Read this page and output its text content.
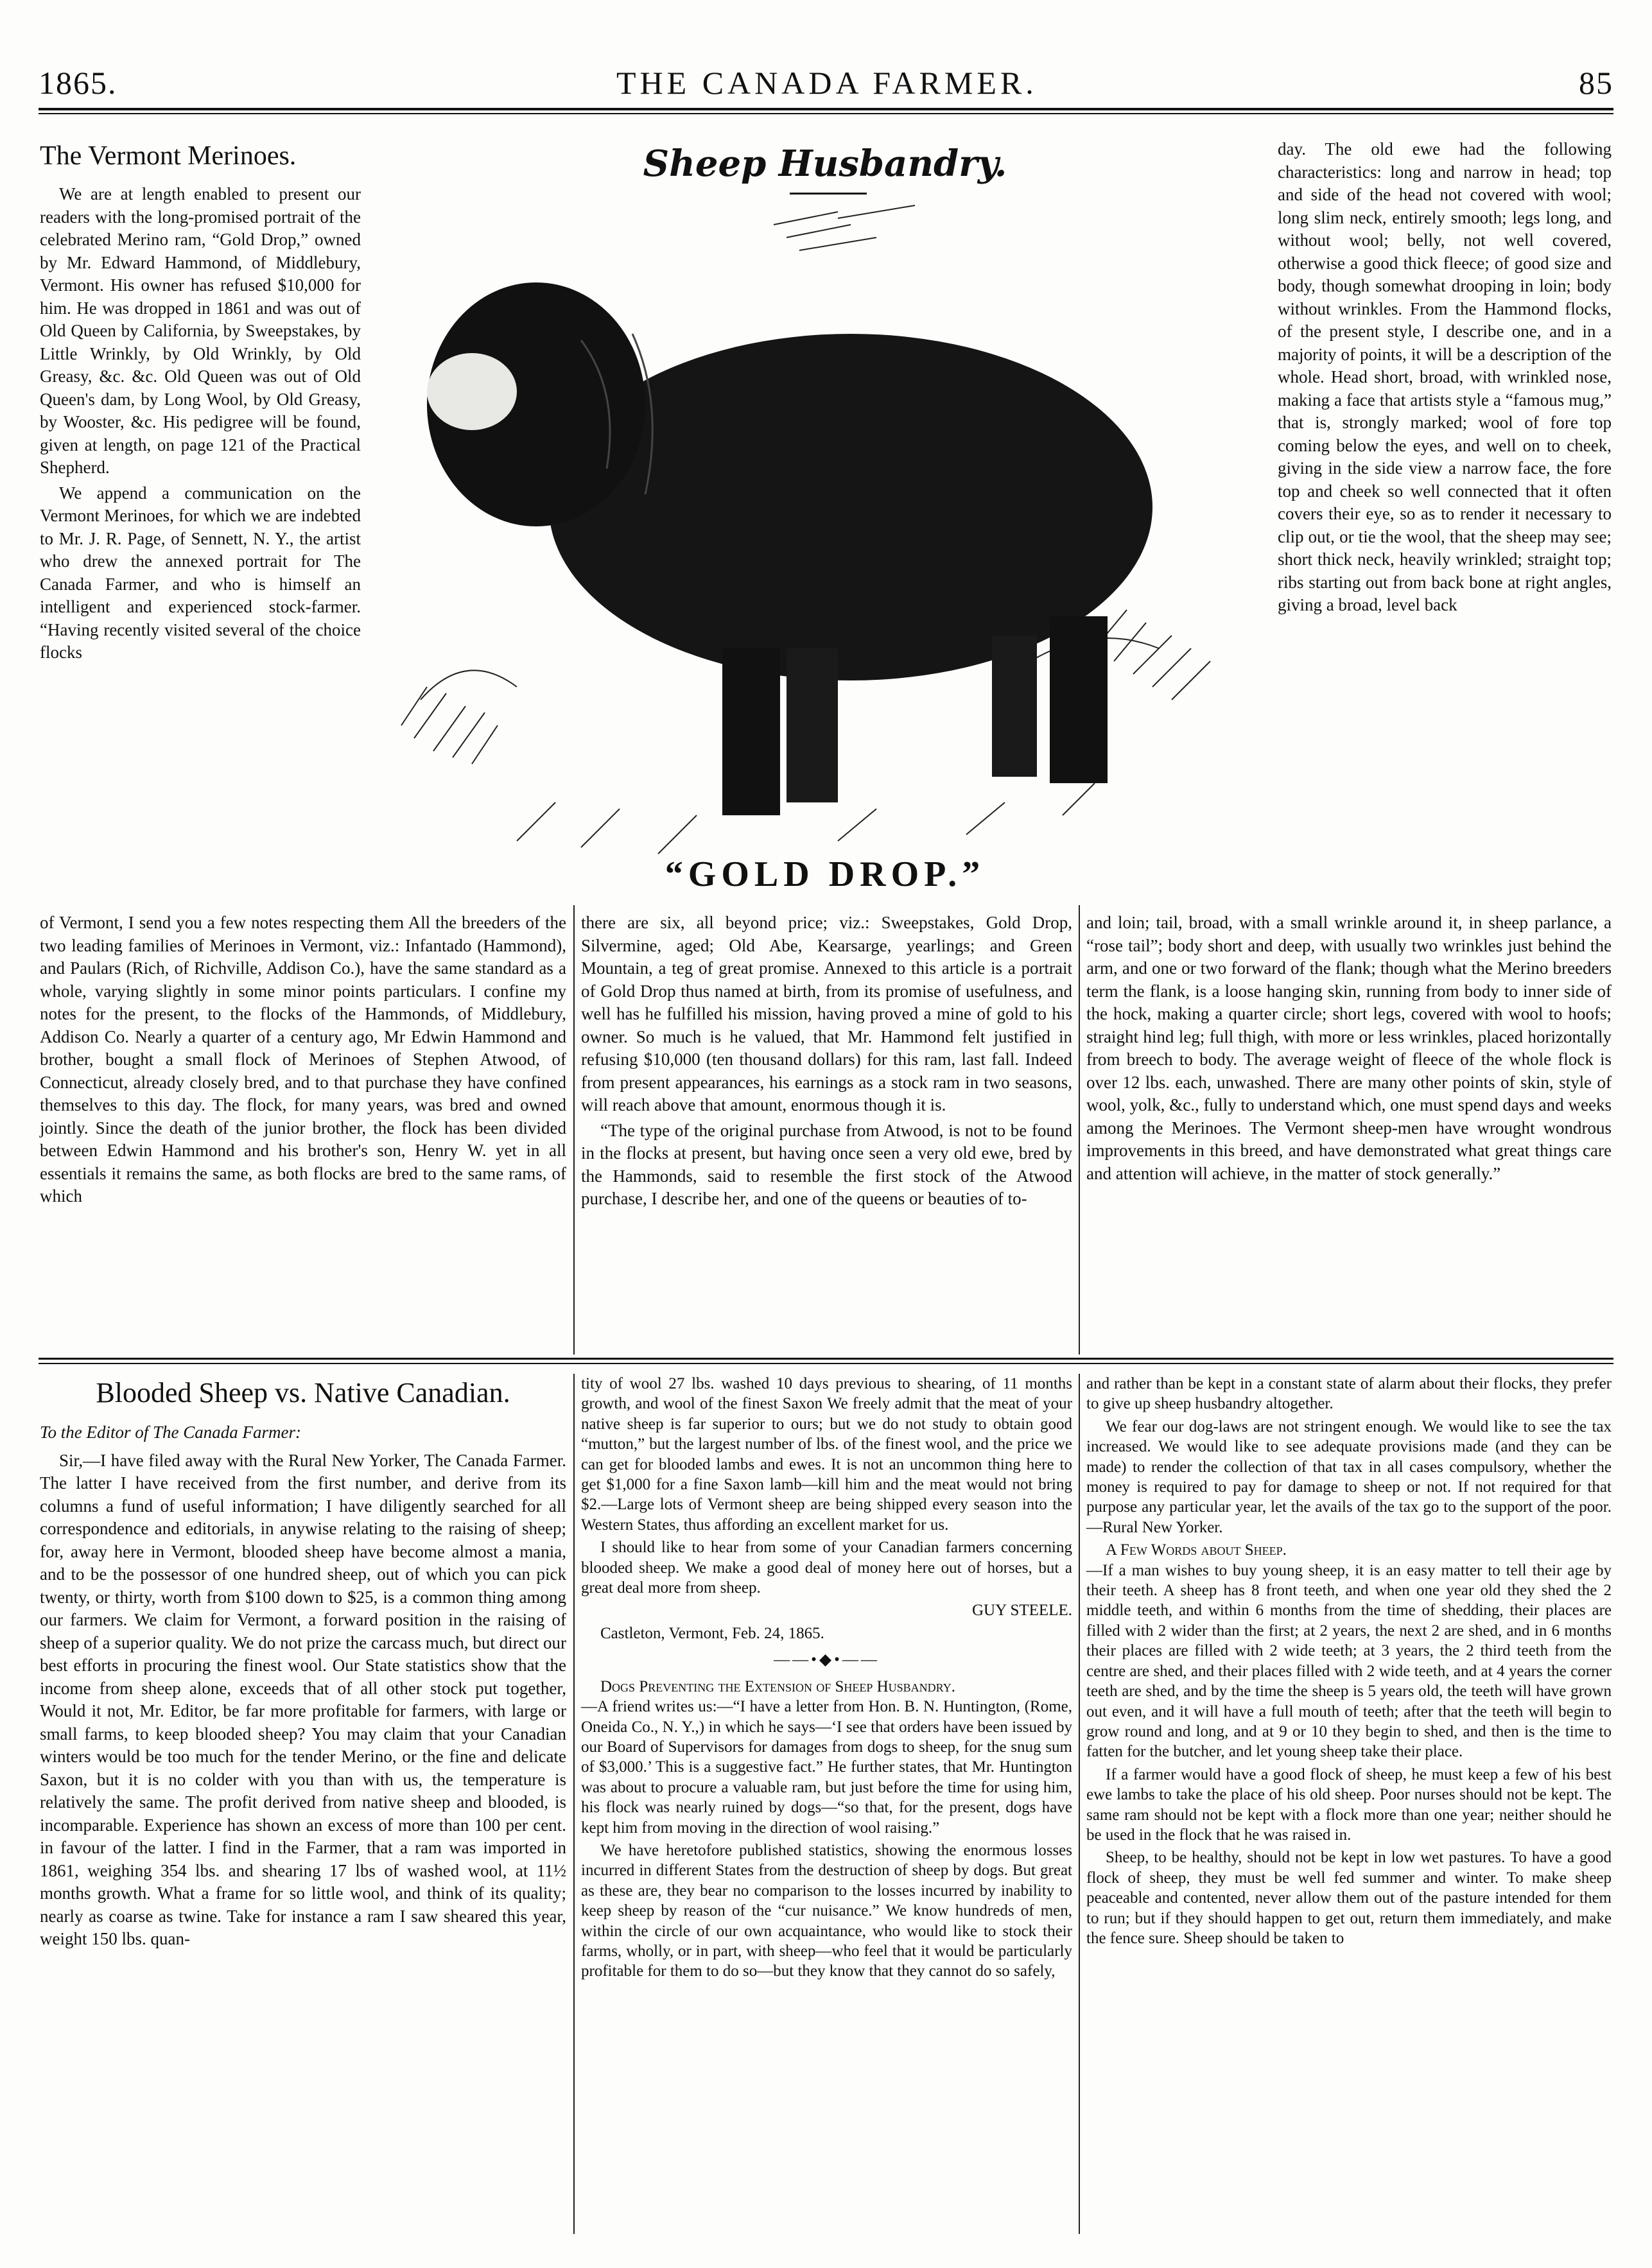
1865.	THE CANADA FARMER.	85
The Vermont Merinoes.

We are at length enabled to present our readers with the long-promised portrait of the celebrated Merino ram, “Gold Drop,” owned by Mr. Edward Hammond, of Middlebury, Vermont. His owner has refused $10,000 for him. He was dropped in 1861 and was out of Old Queen by California, by Sweepstakes, by Little Wrinkly, by Old Wrinkly, by Old Greasy, &c. &c. Old Queen was out of Old Queen's dam, by Long Wool, by Old Greasy, by Wooster, &c. His pedigree will be found, given at length, on page 121 of the Practical Shepherd.

We append a communication on the Vermont Merinoes, for which we are indebted to Mr. J. R. Page, of Sennett, N. Y., the artist who drew the annexed portrait for The Canada Farmer, and who is himself an intelligent and experienced stock-farmer. “Having recently visited several of the choice flocks

Sheep Husbandry.
“GOLD DROP.”

of Vermont, I send you a few notes respecting them All the breeders of the two leading families of Merinoes in Vermont, viz.: Infantado (Hammond), and Paulars (Rich, of Richville, Addison Co.), have the same standard as a whole, varying slightly in some minor points particulars. I confine my notes for the present, to the flocks of the Hammonds, of Middlebury, Addison Co. Nearly a quarter of a century ago, Mr Edwin Hammond and brother, bought a small flock of Merinoes of Stephen Atwood, of Connecticut, already closely bred, and to that purchase they have confined themselves to this day. The flock, for many years, was bred and owned jointly. Since the death of the junior brother, the flock has been divided between Edwin Hammond and his brother's son, Henry W. yet in all essentials it remains the same, as both flocks are bred to the same rams, of which

there are six, all beyond price; viz.: Sweepstakes, Gold Drop, Silvermine, aged; Old Abe, Kearsarge, yearlings; and Green Mountain, a teg of great promise. Annexed to this article is a portrait of Gold Drop thus named at birth, from its promise of usefulness, and well has he fulfilled his mission, having proved a mine of gold to his owner. So much is he valued, that Mr. Hammond felt justified in refusing $10,000 (ten thousand dollars) for this ram, last fall. Indeed from present appearances, his earnings as a stock ram in two seasons, will reach above that amount, enormous though it is.

“The type of the original purchase from Atwood, is not to be found in the flocks at present, but having once seen a very old ewe, bred by the Hammonds, said to resemble the first stock of the Atwood purchase, I describe her, and one of the queens or beauties of to-

day. The old ewe had the following characteristics: long and narrow in head; top and side of the head not covered with wool; long slim neck, entirely smooth; legs long, and without wool; belly, not well covered, otherwise a good thick fleece; of good size and body, though somewhat drooping in loin; body without wrinkles. From the Hammond flocks, of the present style, I describe one, and in a majority of points, it will be a description of the whole. Head short, broad, with wrinkled nose, making a face that artists style a “famous mug,” that is, strongly marked; wool of fore top coming below the eyes, and well on to cheek, giving in the side view a narrow face, the fore top and cheek so well connected that it often covers their eye, so as to render it necessary to clip out, or tie the wool, that the sheep may see; short thick neck, heavily wrinkled; straight top; ribs starting out from back bone at right angles, giving a broad, level back

and loin; tail, broad, with a small wrinkle around it, in sheep parlance, a “rose tail”; body short and deep, with usually two wrinkles just behind the arm, and one or two forward of the flank; though what the Merino breeders term the flank, is a loose hanging skin, running from body to inner side of the hock, making a quarter circle; short legs, covered with wool to hoofs; straight hind leg; full thigh, with more or less wrinkles, placed horizontally from breech to body. The average weight of fleece of the whole flock is over 12 lbs. each, unwashed. There are many other points of skin, style of wool, yolk, &c., fully to understand which, one must spend days and weeks among the Merinoes. The Vermont sheep-men have wrought wondrous improvements in this breed, and have demonstrated what great things care and attention will achieve, in the matter of stock generally.”

Blooded Sheep vs. Native Canadian.

To the Editor of The Canada Farmer:

Sir,—I have filed away with the Rural New Yorker, The Canada Farmer. The latter I have received from the first number, and derive from its columns a fund of useful information; I have diligently searched for all correspondence and editorials, in anywise relating to the raising of sheep; for, away here in Vermont, blooded sheep have become almost a mania, and to be the possessor of one hundred sheep, out of which you can pick twenty, or thirty, worth from $100 down to $25, is a common thing among our farmers. We claim for Vermont, a forward position in the raising of sheep of a superior quality. We do not prize the carcass much, but direct our best efforts in procuring the finest wool. Our State statistics show that the income from sheep alone, exceeds that of all other stock put together, Would it not, Mr. Editor, be far more profitable for farmers, with large or small farms, to keep blooded sheep? You may claim that your Canadian winters would be too much for the tender Merino, or the fine and delicate Saxon, but it is no colder with you than with us, the temperature is relatively the same. The profit derived from native sheep and blooded, is incomparable. Experience has shown an excess of more than 100 per cent. in favour of the latter. I find in the Farmer, that a ram was imported in 1861, weighing 354 lbs. and shearing 17 lbs of washed wool, at 11½ months growth. What a frame for so little wool, and think of its quality; nearly as coarse as twine. Take for instance a ram I saw sheared this year, weight 150 lbs. quan-

tity of wool 27 lbs. washed 10 days previous to shearing, of 11 months growth, and wool of the finest Saxon We freely admit that the meat of your native sheep is far superior to ours; but we do not study to obtain good “mutton,” but the largest number of lbs. of the finest wool, and the price we can get for blooded lambs and ewes. It is not an uncommon thing here to get $1,000 for a fine Saxon lamb—kill him and the meat would not bring $2.—Large lots of Vermont sheep are being shipped every season into the Western States, thus affording an excellent market for us.

I should like to hear from some of your Canadian farmers concerning blooded sheep. We make a good deal of money here out of horses, but a great deal more from sheep.

GUY STEELE.

Castleton, Vermont, Feb. 24, 1865.

——•◆•——

Dogs Preventing the Extension of Sheep Husbandry.

—A friend writes us:—“I have a letter from Hon. B. N. Huntington, (Rome, Oneida Co., N. Y.,) in which he says—‘I see that orders have been issued by our Board of Supervisors for damages from dogs to sheep, for the snug sum of $3,000.’ This is a suggestive fact.” He further states, that Mr. Huntington was about to procure a valuable ram, but just before the time for using him, his flock was nearly ruined by dogs—“so that, for the present, dogs have kept him from moving in the direction of wool raising.”

We have heretofore published statistics, showing the enormous losses incurred in different States from the destruction of sheep by dogs. But great as these are, they bear no comparison to the losses incurred by inability to keep sheep by reason of the “cur nuisance.” We know hundreds of men, within the circle of our own acquaintance, who would like to stock their farms, wholly, or in part, with sheep—who feel that it would be particularly profitable for them to do so—but they know that they cannot do so safely,

and rather than be kept in a constant state of alarm about their flocks, they prefer to give up sheep husbandry altogether.

We fear our dog-laws are not stringent enough. We would like to see the tax increased. We would like to see adequate provisions made (and they can be made) to render the collection of that tax in all cases compulsory, whether the money is required to pay for damage to sheep or not. If not required for that purpose any particular year, let the avails of the tax go to the support of the poor.—Rural New Yorker.

A Few Words about Sheep.

—If a man wishes to buy young sheep, it is an easy matter to tell their age by their teeth. A sheep has 8 front teeth, and when one year old they shed the 2 middle teeth, and within 6 months from the time of shedding, their places are filled with 2 wider than the first; at 2 years, the next 2 are shed, and in 6 months their places are filled with 2 wide teeth; at 3 years, the 2 third teeth from the centre are shed, and their places filled with 2 wide teeth, and at 4 years the corner teeth are shed, and by the time the sheep is 5 years old, the teeth will have grown out even, and it will have a full mouth of teeth; after that the teeth will begin to grow round and long, and at 9 or 10 they begin to shed, and then is the time to fatten for the butcher, and let young sheep take their place.

If a farmer would have a good flock of sheep, he must keep a few of his best ewe lambs to take the place of his old sheep. Poor nurses should not be kept. The same ram should not be kept with a flock more than one year; neither should he be used in the flock that he was raised in.

Sheep, to be healthy, should not be kept in low wet pastures. To have a good flock of sheep, they must be well fed summer and winter. To make sheep peaceable and contented, never allow them out of the pasture intended for them to run; but if they should happen to get out, return them immediately, and make the fence sure. Sheep should be taken to
